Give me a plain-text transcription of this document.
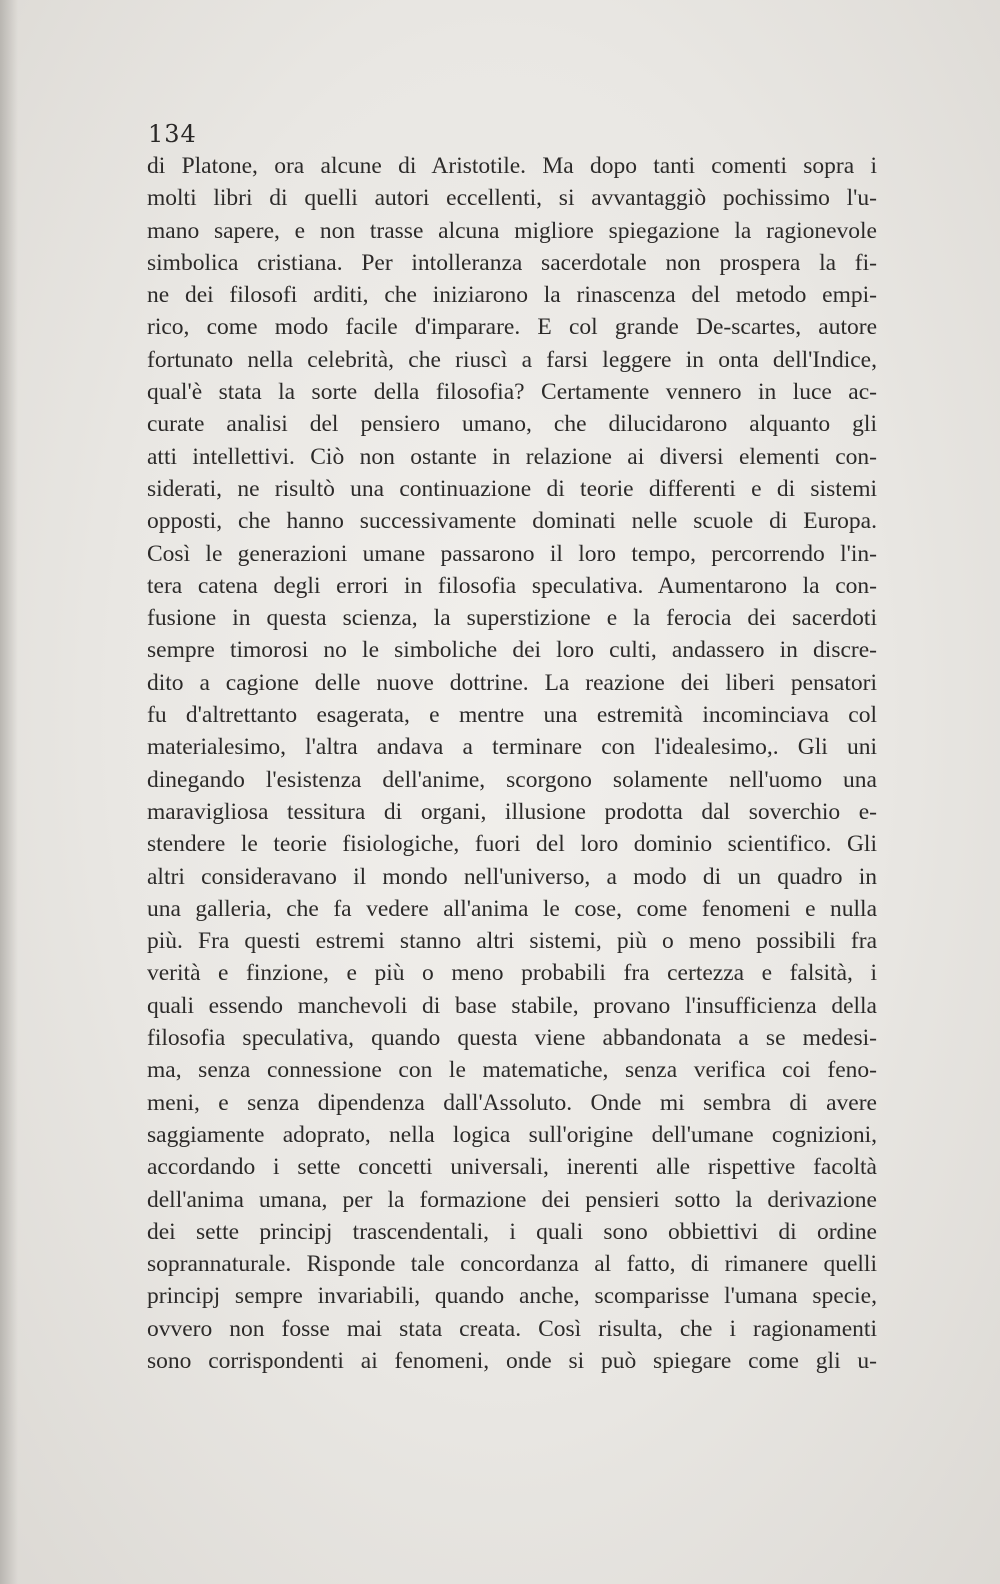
134
di Platone, ora alcune di Aristotile. Ma dopo tanti comenti sopra i
molti libri di quelli autori eccellenti, si avvantaggiò pochissimo l'u-
mano sapere, e non trasse alcuna migliore spiegazione la ragionevole
simbolica cristiana. Per intolleranza sacerdotale non prospera la fi-
ne dei filosofi arditi, che iniziarono la rinascenza del metodo empi-
rico, come modo facile d'imparare. E col grande De-scartes, autore
fortunato nella celebrità, che riuscì a farsi leggere in onta dell'Indice,
qual'è stata la sorte della filosofia? Certamente vennero in luce ac-
curate analisi del pensiero umano, che dilucidarono alquanto gli
atti intellettivi. Ciò non ostante in relazione ai diversi elementi con-
siderati, ne risultò una continuazione di teorie differenti e di sistemi
opposti, che hanno successivamente dominati nelle scuole di Europa.
Così le generazioni umane passarono il loro tempo, percorrendo l'in-
tera catena degli errori in filosofia speculativa. Aumentarono la con-
fusione in questa scienza, la superstizione e la ferocia dei sacerdoti
sempre timorosi no le simboliche dei loro culti, andassero in discre-
dito a cagione delle nuove dottrine. La reazione dei liberi pensatori
fu d'altrettanto esagerata, e mentre una estremità incominciava col
materialesimo, l'altra andava a terminare con l'idealesimo,. Gli uni
dinegando l'esistenza dell'anime, scorgono solamente nell'uomo una
maravigliosa tessitura di organi, illusione prodotta dal soverchio e-
stendere le teorie fisiologiche, fuori del loro dominio scientifico. Gli
altri consideravano il mondo nell'universo, a modo di un quadro in
una galleria, che fa vedere all'anima le cose, come fenomeni e nulla
più. Fra questi estremi stanno altri sistemi, più o meno possibili fra
verità e finzione, e più o meno probabili fra certezza e falsità, i
quali essendo manchevoli di base stabile, provano l'insufficienza della
filosofia speculativa, quando questa viene abbandonata a se medesi-
ma, senza connessione con le matematiche, senza verifica coi feno-
meni, e senza dipendenza dall'Assoluto. Onde mi sembra di avere
saggiamente adoprato, nella logica sull'origine dell'umane cognizioni,
accordando i sette concetti universali, inerenti alle rispettive facoltà
dell'anima umana, per la formazione dei pensieri sotto la derivazione
dei sette principj trascendentali, i quali sono obbiettivi di ordine
soprannaturale. Risponde tale concordanza al fatto, di rimanere quelli
principj sempre invariabili, quando anche, scomparisse l'umana specie,
ovvero non fosse mai stata creata. Così risulta, che i ragionamenti
sono corrispondenti ai fenomeni, onde si può spiegare come gli u-
